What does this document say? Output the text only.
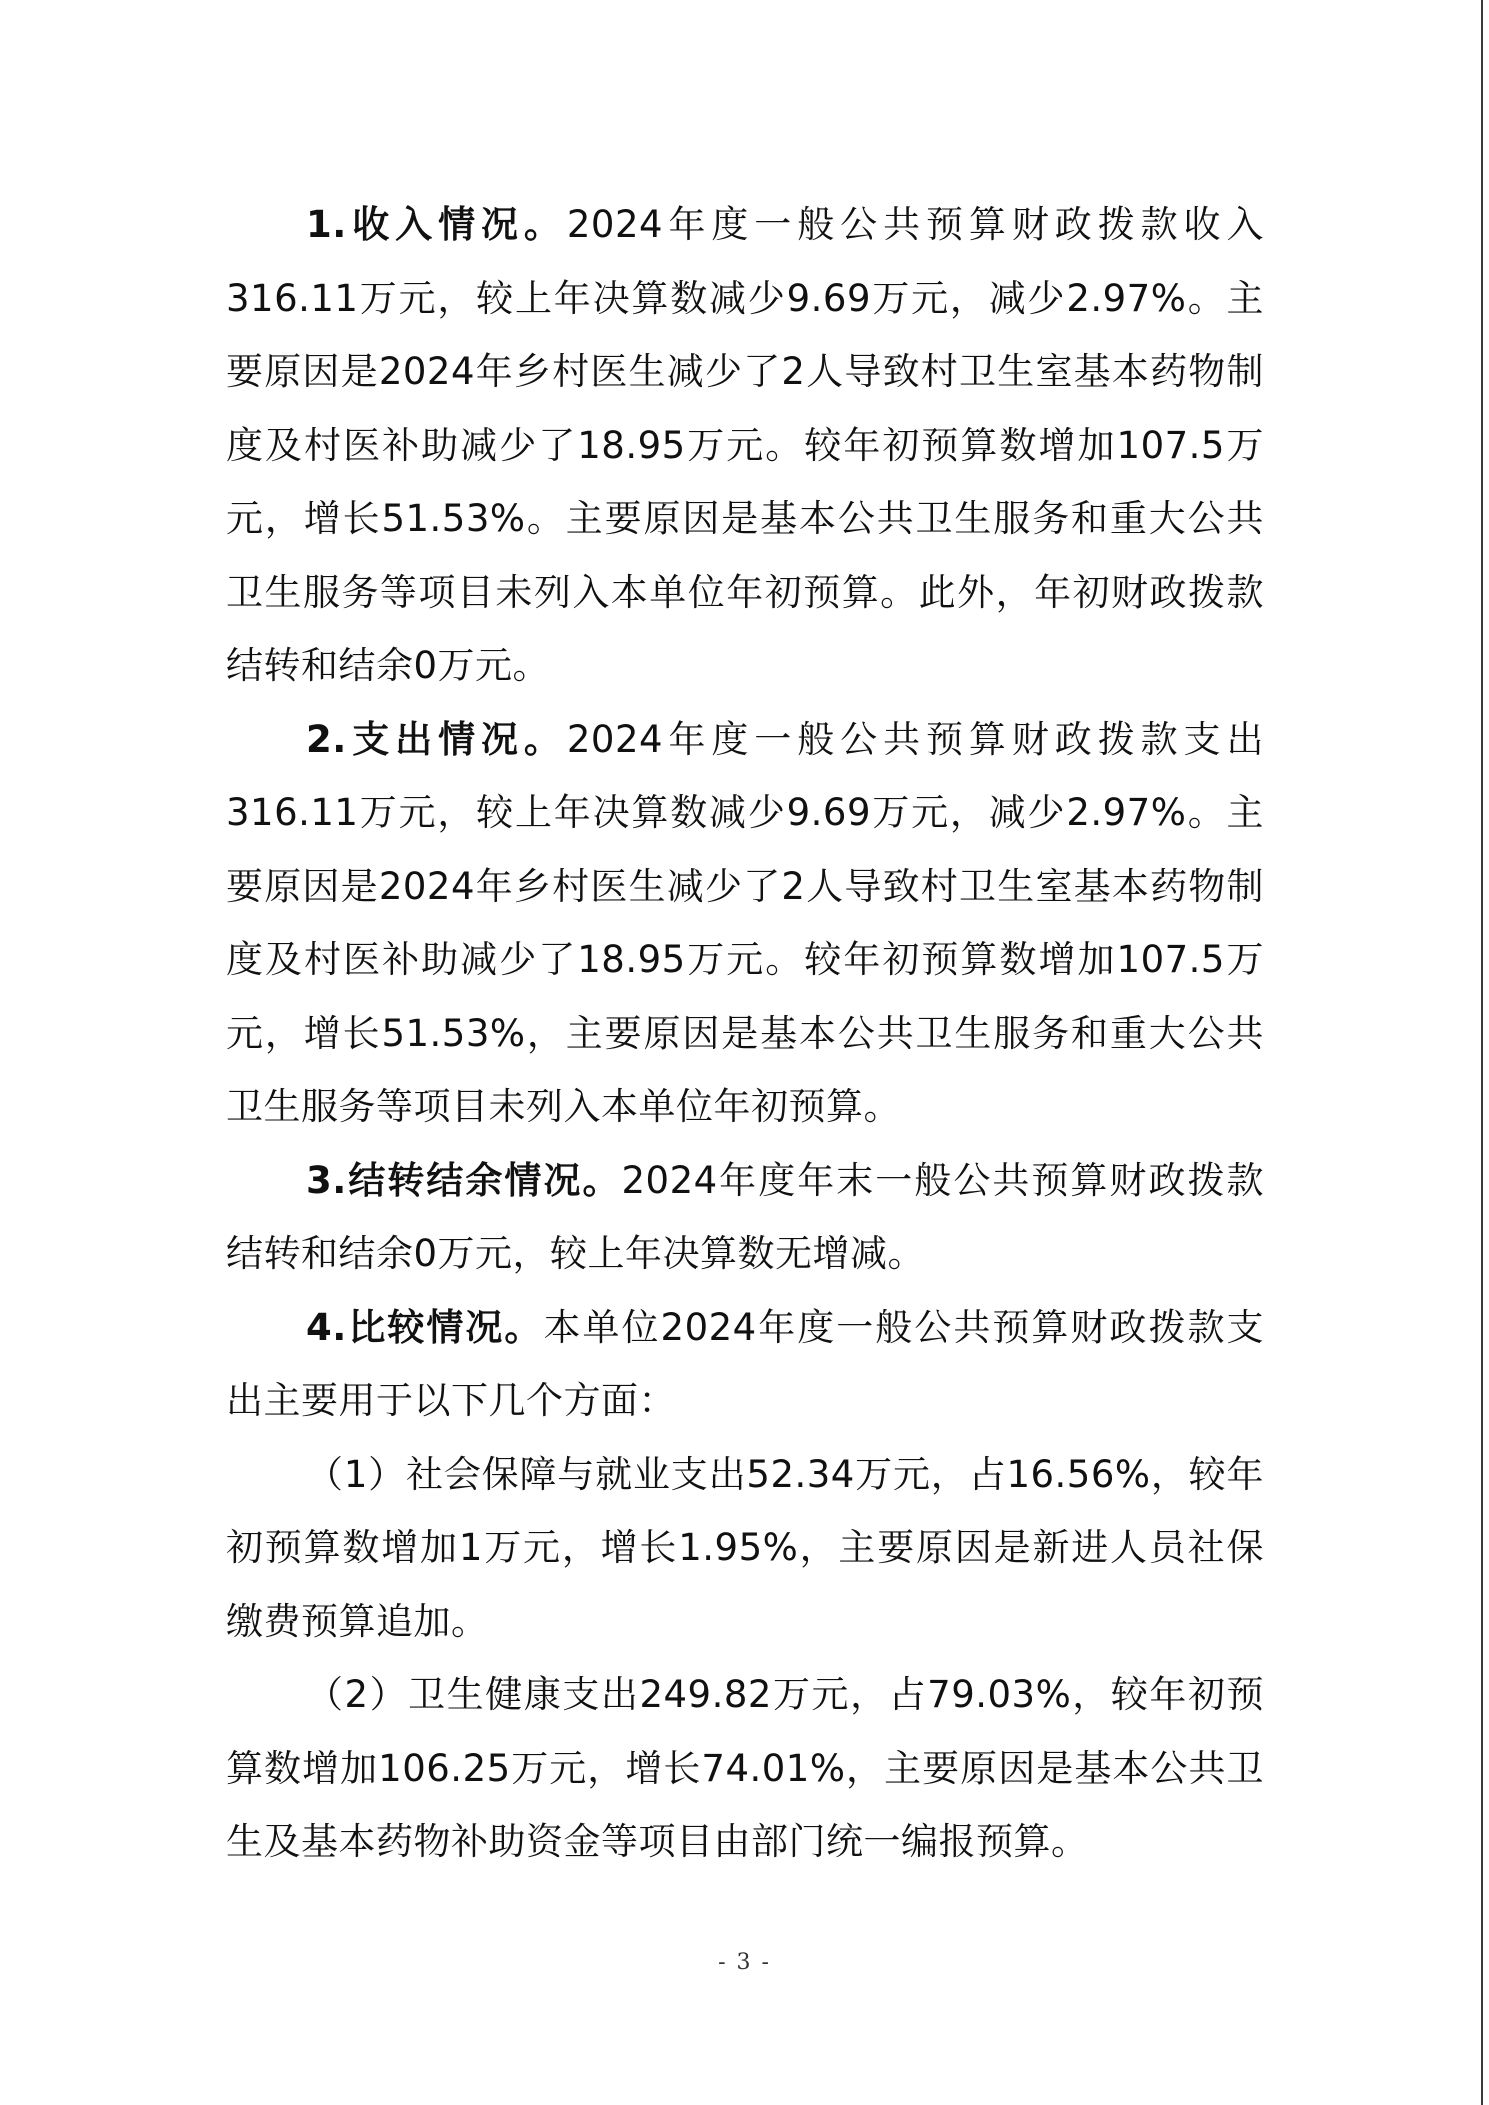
1.收入情况。2024年度一般公共预算财政拨款收入316.11万元，较上年决算数减少9.69万元，减少2.97%。主要原因是2024年乡村医生减少了2人导致村卫生室基本药物制度及村医补助减少了18.95万元。较年初预算数增加107.5万元，增长51.53%。主要原因是基本公共卫生服务和重大公共卫生服务等项目未列入本单位年初预算。此外，年初财政拨款结转和结余0万元。

2.支出情况。2024年度一般公共预算财政拨款支出316.11万元，较上年决算数减少9.69万元，减少2.97%。主要原因是2024年乡村医生减少了2人导致村卫生室基本药物制度及村医补助减少了18.95万元。较年初预算数增加107.5万元，增长51.53%，主要原因是基本公共卫生服务和重大公共卫生服务等项目未列入本单位年初预算。

3.结转结余情况。2024年度年末一般公共预算财政拨款结转和结余0万元，较上年决算数无增减。

4.比较情况。本单位2024年度一般公共预算财政拨款支出主要用于以下几个方面：

（1）社会保障与就业支出52.34万元，占16.56%，较年初预算数增加1万元，增长1.95%，主要原因是新进人员社保缴费预算追加。

（2）卫生健康支出249.82万元，占79.03%，较年初预算数增加106.25万元，增长74.01%，主要原因是基本公共卫生及基本药物补助资金等项目由部门统一编报预算。

- 3 -
